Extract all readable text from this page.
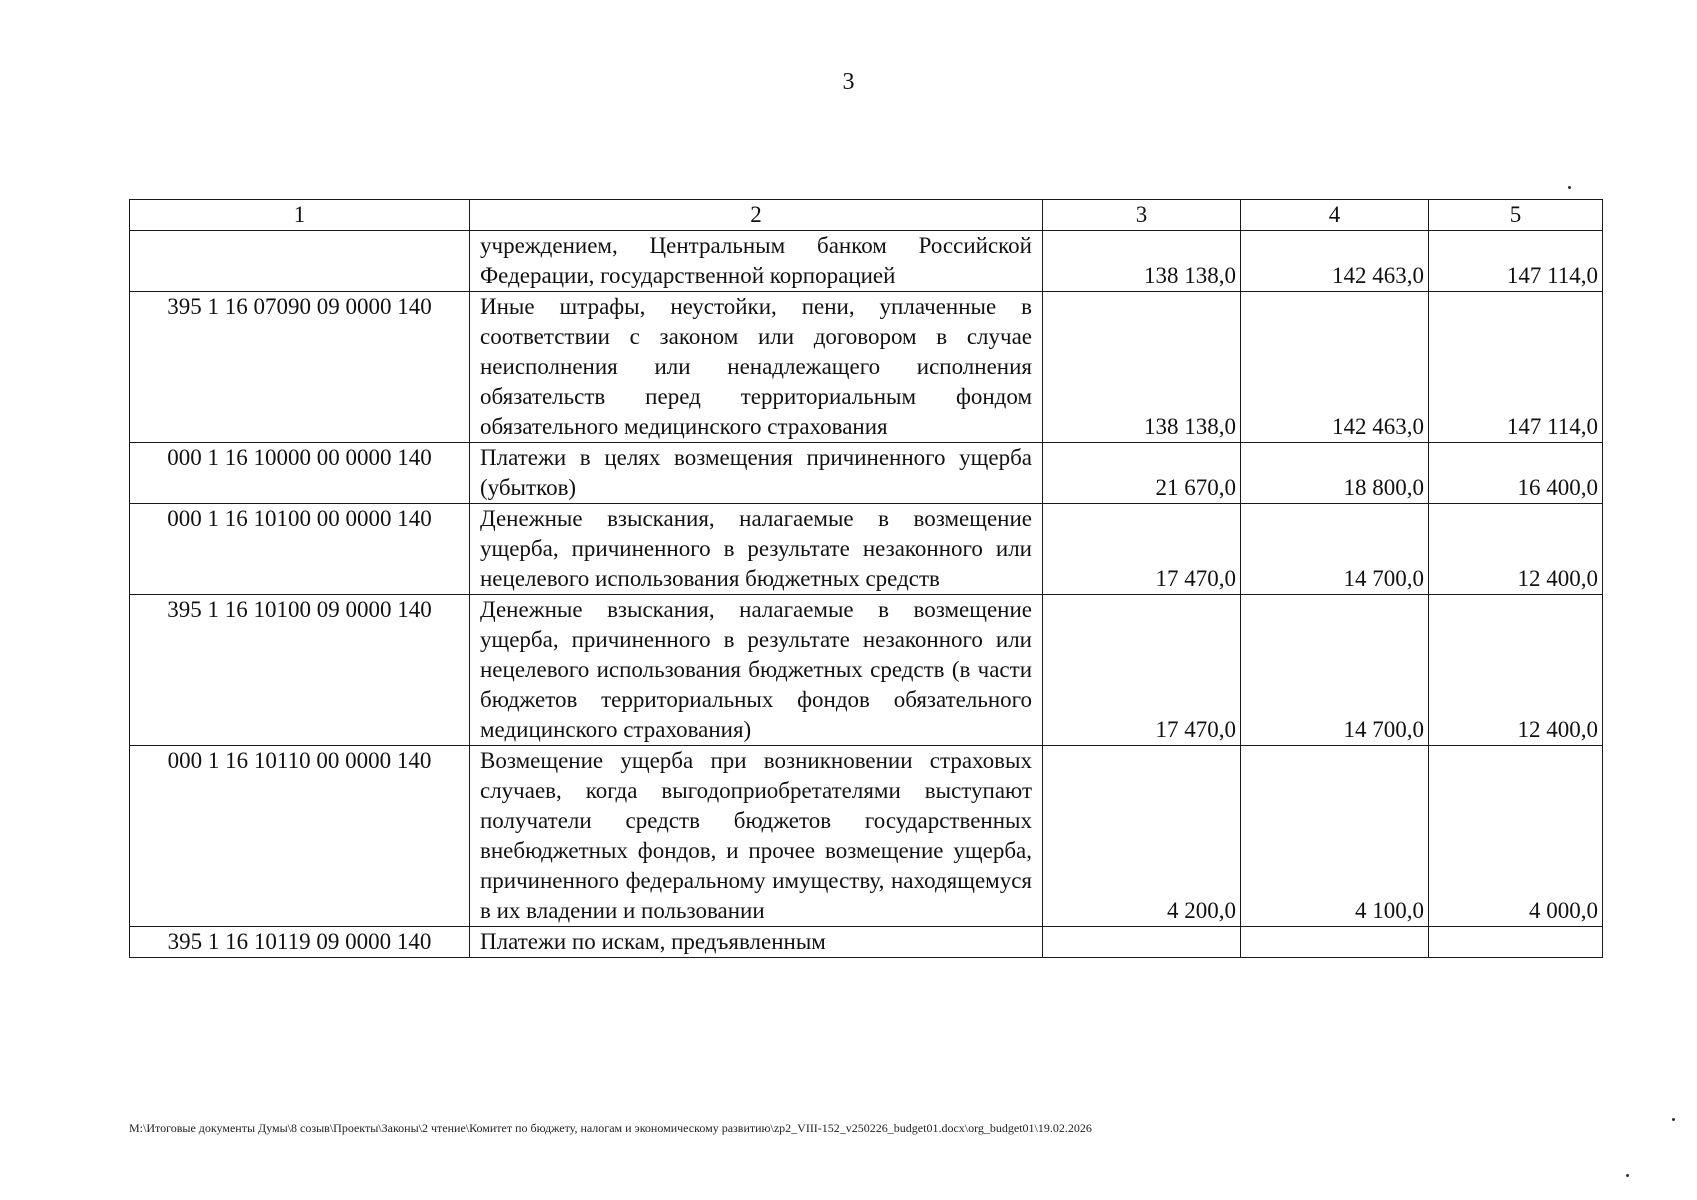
3
1	2	3	4	5
	учреждением, Центральным банком Российской Федерации, государственной корпорацией	138 138,0	142 463,0	147 114,0
395 1 16 07090 09 0000 140	Иные штрафы, неустойки, пени, уплаченные в соответствии с законом или договором в случае неисполнения или ненадлежащего исполнения обязательств перед территориальным фондом обязательного медицинского страхования	138 138,0	142 463,0	147 114,0
000 1 16 10000 00 0000 140	Платежи в целях возмещения причиненного ущерба (убытков)	21 670,0	18 800,0	16 400,0
000 1 16 10100 00 0000 140	Денежные взыскания, налагаемые в возмещение ущерба, причиненного в результате незаконного или нецелевого использования бюджетных средств	17 470,0	14 700,0	12 400,0
395 1 16 10100 09 0000 140	Денежные взыскания, налагаемые в возмещение ущерба, причиненного в результате незаконного или нецелевого использования бюджетных средств (в части бюджетов территориальных фондов обязательного медицинского страхования)	17 470,0	14 700,0	12 400,0
000 1 16 10110 00 0000 140	Возмещение ущерба при возникновении страховых случаев, когда выгодоприобретателями выступают получатели средств бюджетов государственных внебюджетных фондов, и прочее возмещение ущерба, причиненного федеральному имуществу, находящемуся в их владении и пользовании	4 200,0	4 100,0	4 000,0
395 1 16 10119 09 0000 140	Платежи по искам, предъявленным			
M:\Итоговые документы Думы\8 созыв\Проекты\Законы\2 чтение\Комитет по бюджету, налогам и экономическому развитию\zp2_VIII-152_v250226_budget01.docx\org_budget01\19.02.2026
